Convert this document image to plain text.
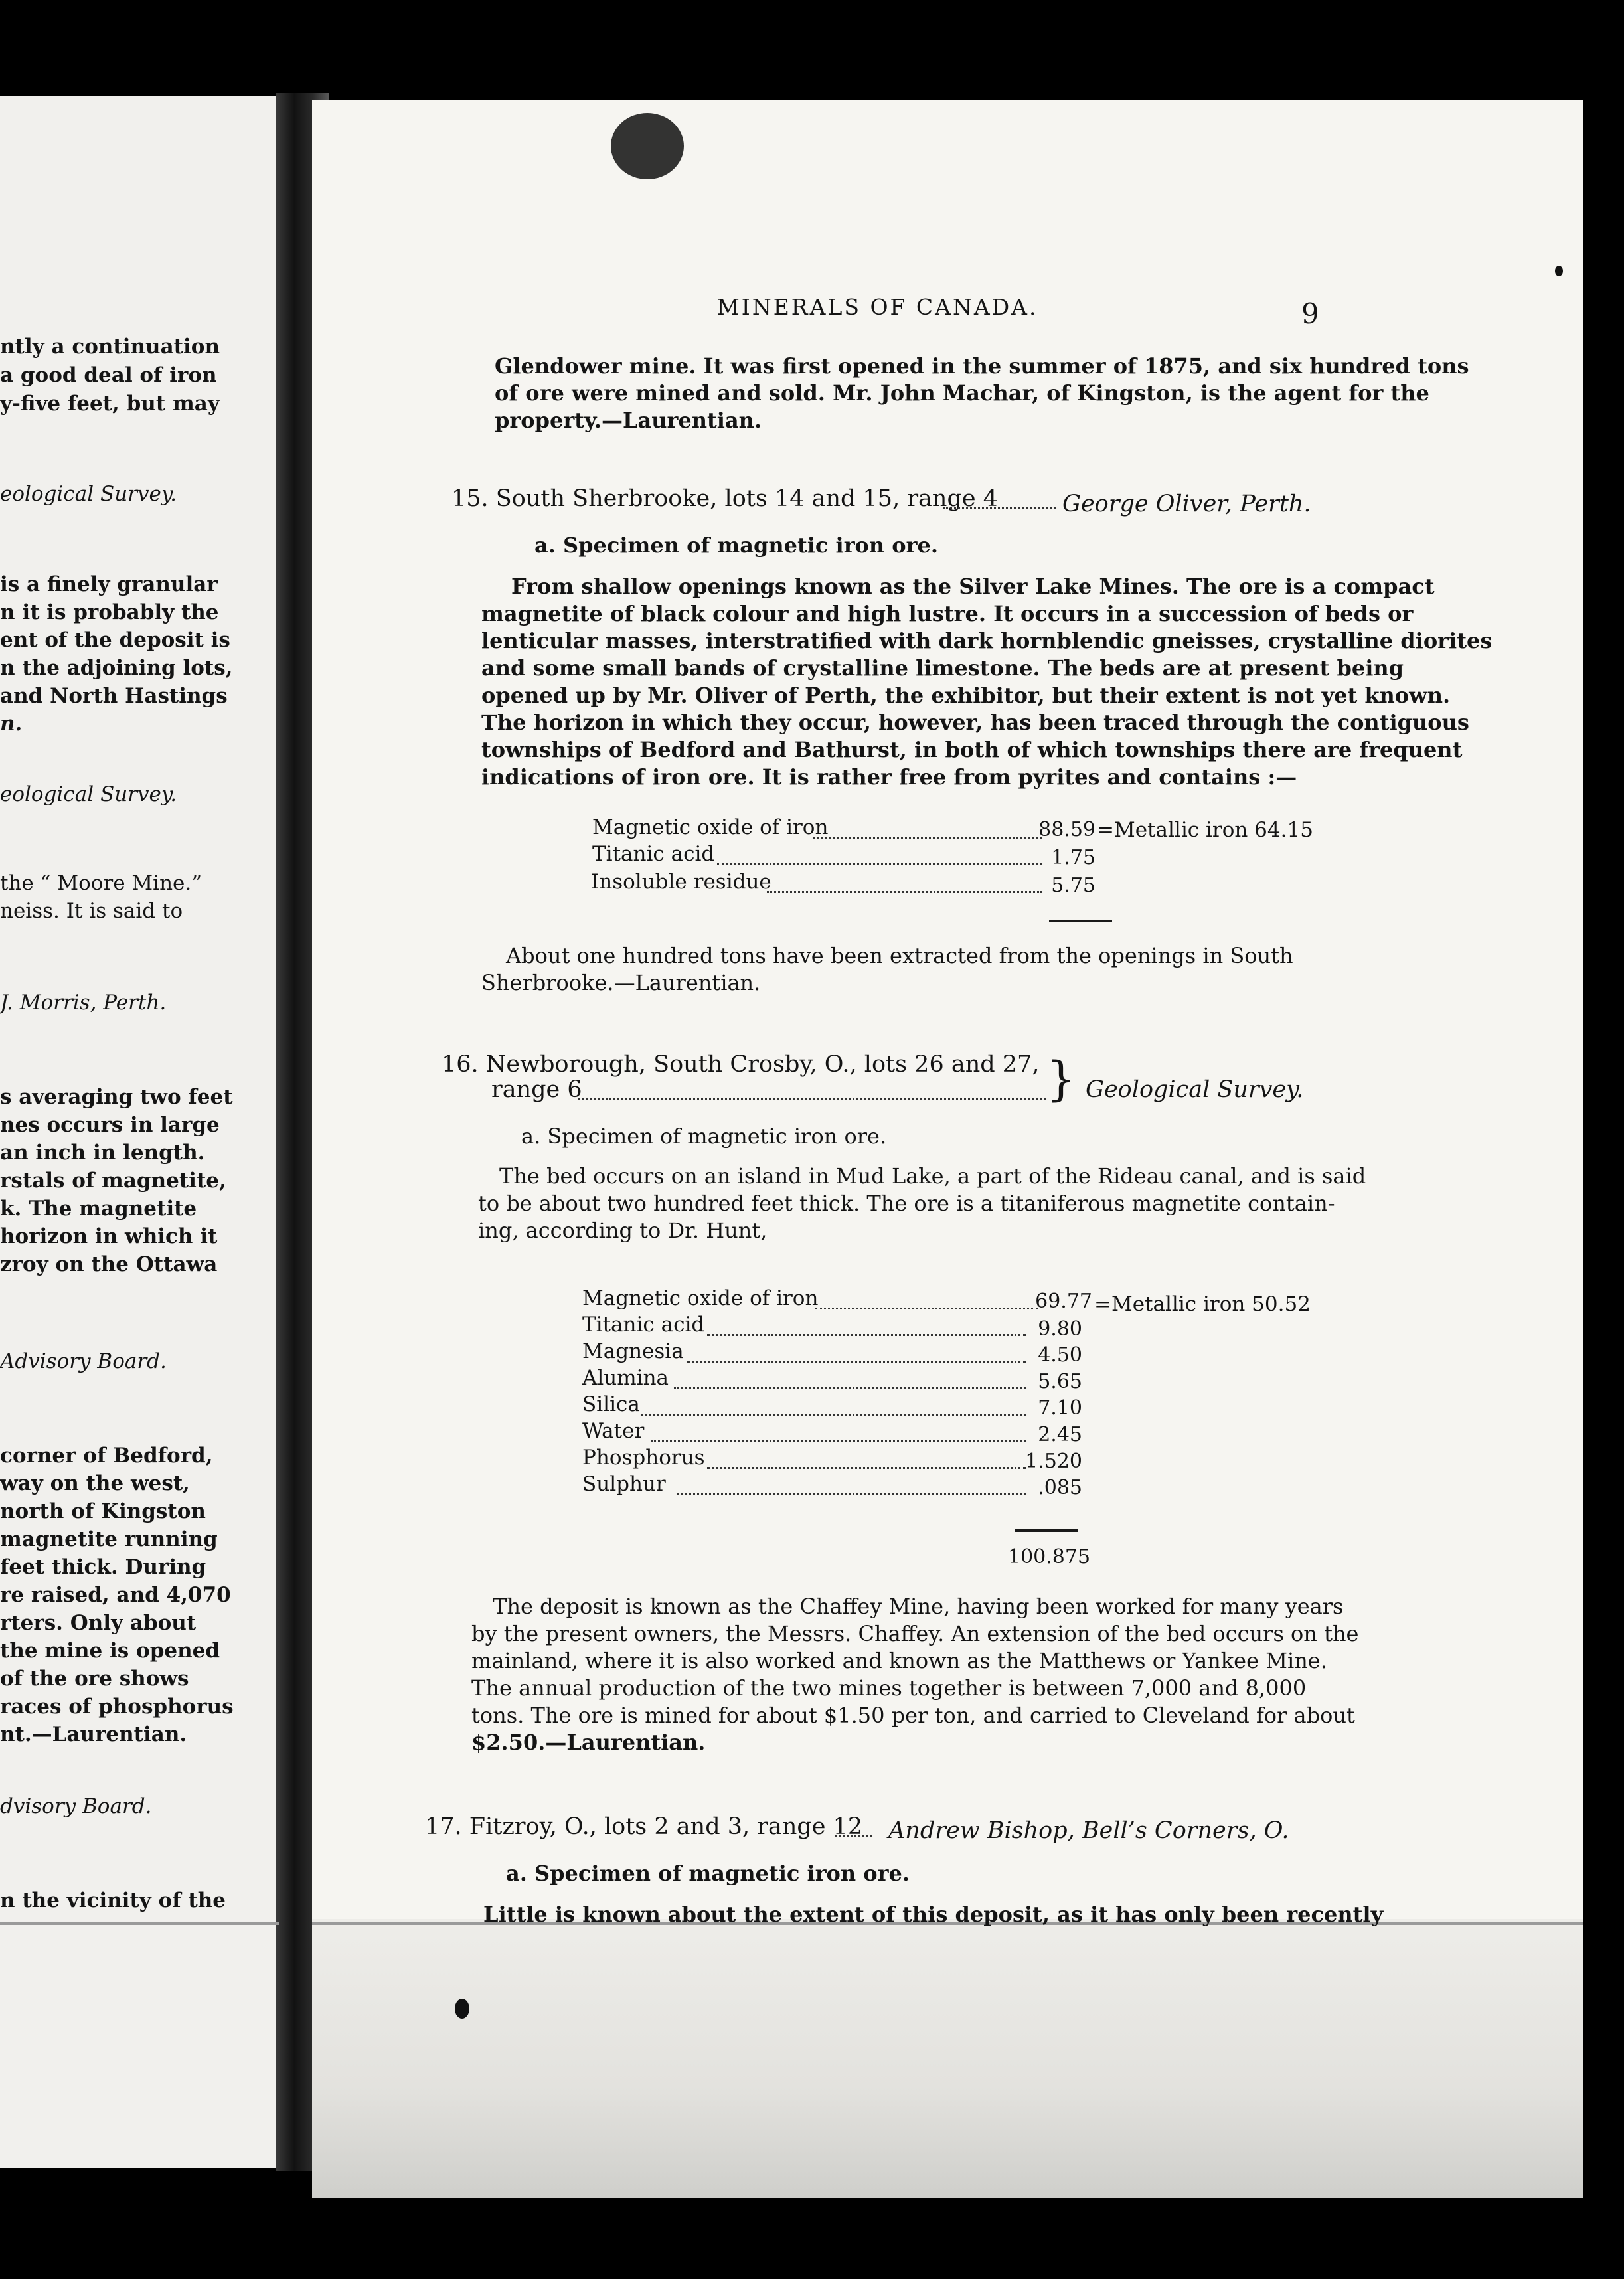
ntly a continuation
a good deal of iron
y-five feet, but may
eological Survey.
is a finely granular
n it is probably the
ent of the deposit is
n the adjoining lots,
and North Hastings
n.
eological Survey.
the “ Moore Mine.”
neiss. It is said to
J. Morris, Perth.
s averaging two feet
nes occurs in large
an inch in length.
rstals of magnetite,
k. The magnetite
horizon in which it
zroy on the Ottawa
Advisory Board.
corner of Bedford,
way on the west,
north of Kingston
magnetite running
feet thick. During
re raised, and 4,070
rters. Only about
the mine is opened
of the ore shows
races of phosphorus
nt.—Laurentian.
dvisory Board.
n the vicinity of the
MINERALS OF CANADA.	9
Glendower mine. It was first opened in the summer of 1875, and six hundred tons
of ore were mined and sold. Mr. John Machar, of Kingston, is the agent for the
property.—Laurentian.
15. South Sherbrooke, lots 14 and 15, range 4	George Oliver, Perth.
a. Specimen of magnetic iron ore.
From shallow openings known as the Silver Lake Mines. The ore is a compact
magnetite of black colour and high lustre. It occurs in a succession of beds or
lenticular masses, interstratified with dark hornblendic gneisses, crystalline diorites
and some small bands of crystalline limestone. The beds are at present being
opened up by Mr. Oliver of Perth, the exhibitor, but their extent is not yet known.
The horizon in which they occur, however, has been traced through the contiguous
townships of Bedford and Bathurst, in both of which townships there are frequent
indications of iron ore. It is rather free from pyrites and contains :—
Magnetic oxide of iron	88.59 =Metallic iron 64.15
Titanic acid	1.75
Insoluble residue	5.75
About one hundred tons have been extracted from the openings in South
Sherbrooke.—Laurentian.
16. Newborough, South Crosby, O., lots 26 and 27,
range 6	} Geological Survey.
a. Specimen of magnetic iron ore.
The bed occurs on an island in Mud Lake, a part of the Rideau canal, and is said
to be about two hundred feet thick. The ore is a titaniferous magnetite contain-
ing, according to Dr. Hunt,
Magnetic oxide of iron	69.77 =Metallic iron 50.52
Titanic acid	9.80
Magnesia	4.50
Alumina	5.65
Silica	7.10
Water	2.45
Phosphorus	1.520
Sulphur	.085
100.875
The deposit is known as the Chaffey Mine, having been worked for many years
by the present owners, the Messrs. Chaffey. An extension of the bed occurs on the
mainland, where it is also worked and known as the Matthews or Yankee Mine.
The annual production of the two mines together is between 7,000 and 8,000
tons. The ore is mined for about $1.50 per ton, and carried to Cleveland for about
$2.50.—Laurentian.
17. Fitzroy, O., lots 2 and 3, range 12 Andrew Bishop, Bell’s Corners, O.
a. Specimen of magnetic iron ore.
Little is known about the extent of this deposit, as it has only been recently
